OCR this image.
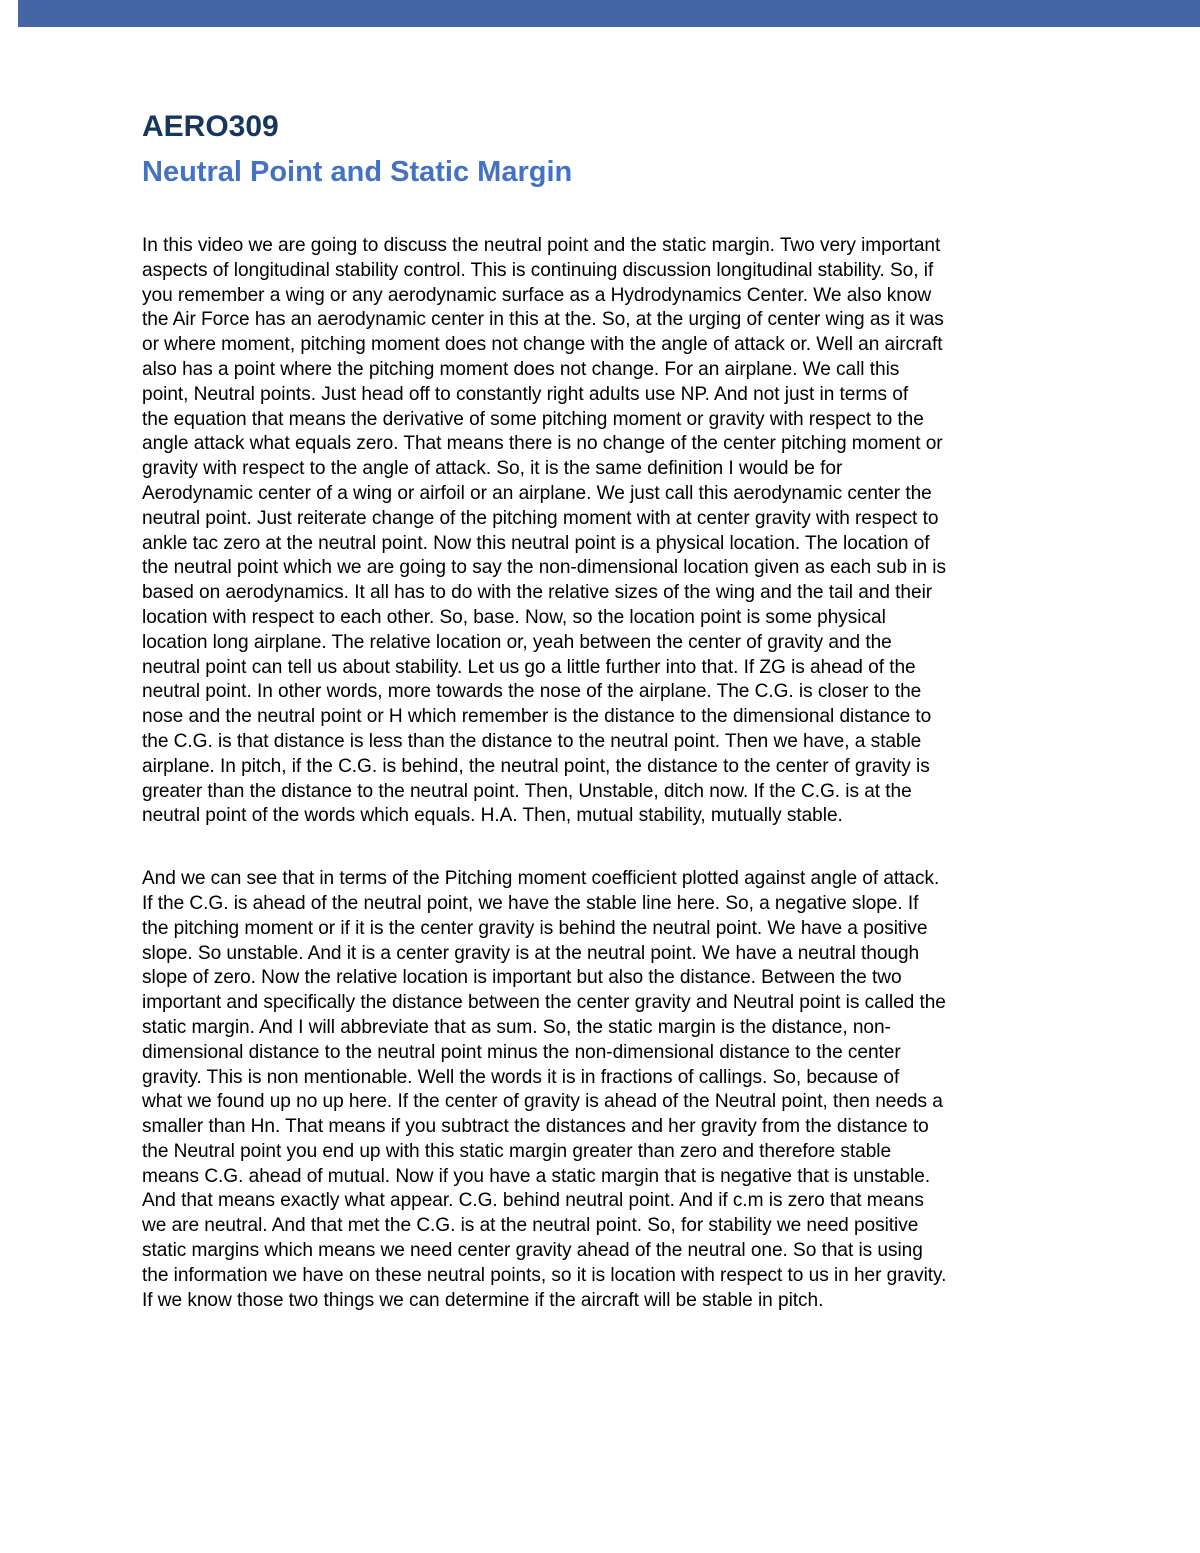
AERO309
Neutral Point and Static Margin

In this video we are going to discuss the neutral point and the static margin. Two very important
aspects of longitudinal stability control. This is continuing discussion longitudinal stability. So, if
you remember a wing or any aerodynamic surface as a Hydrodynamics Center. We also know
the Air Force has an aerodynamic center in this at the. So, at the urging of center wing as it was
or where moment, pitching moment does not change with the angle of attack or. Well an aircraft
also has a point where the pitching moment does not change. For an airplane. We call this
point, Neutral points. Just head off to constantly right adults use NP. And not just in terms of
the equation that means the derivative of some pitching moment or gravity with respect to the
angle attack what equals zero. That means there is no change of the center pitching moment or
gravity with respect to the angle of attack. So, it is the same definition I would be for
Aerodynamic center of a wing or airfoil or an airplane. We just call this aerodynamic center the
neutral point. Just reiterate change of the pitching moment with at center gravity with respect to
ankle tac zero at the neutral point. Now this neutral point is a physical location. The location of
the neutral point which we are going to say the non-dimensional location given as each sub in is
based on aerodynamics. It all has to do with the relative sizes of the wing and the tail and their
location with respect to each other. So, base. Now, so the location point is some physical
location long airplane. The relative location or, yeah between the center of gravity and the
neutral point can tell us about stability. Let us go a little further into that. If ZG is ahead of the
neutral point. In other words, more towards the nose of the airplane. The C.G. is closer to the
nose and the neutral point or H which remember is the distance to the dimensional distance to
the C.G. is that distance is less than the distance to the neutral point. Then we have, a stable
airplane. In pitch, if the C.G. is behind, the neutral point, the distance to the center of gravity is
greater than the distance to the neutral point. Then, Unstable, ditch now. If the C.G. is at the
neutral point of the words which equals. H.A. Then, mutual stability, mutually stable.

And we can see that in terms of the Pitching moment coefficient plotted against angle of attack.
If the C.G. is ahead of the neutral point, we have the stable line here. So, a negative slope. If
the pitching moment or if it is the center gravity is behind the neutral point. We have a positive
slope. So unstable. And it is a center gravity is at the neutral point. We have a neutral though
slope of zero. Now the relative location is important but also the distance. Between the two
important and specifically the distance between the center gravity and Neutral point is called the
static margin. And I will abbreviate that as sum. So, the static margin is the distance, non-
dimensional distance to the neutral point minus the non-dimensional distance to the center
gravity. This is non mentionable. Well the words it is in fractions of callings. So, because of
what we found up no up here. If the center of gravity is ahead of the Neutral point, then needs a
smaller than Hn. That means if you subtract the distances and her gravity from the distance to
the Neutral point you end up with this static margin greater than zero and therefore stable
means C.G. ahead of mutual. Now if you have a static margin that is negative that is unstable.
And that means exactly what appear. C.G. behind neutral point. And if c.m is zero that means
we are neutral. And that met the C.G. is at the neutral point. So, for stability we need positive
static margins which means we need center gravity ahead of the neutral one. So that is using
the information we have on these neutral points, so it is location with respect to us in her gravity.
If we know those two things we can determine if the aircraft will be stable in pitch.
